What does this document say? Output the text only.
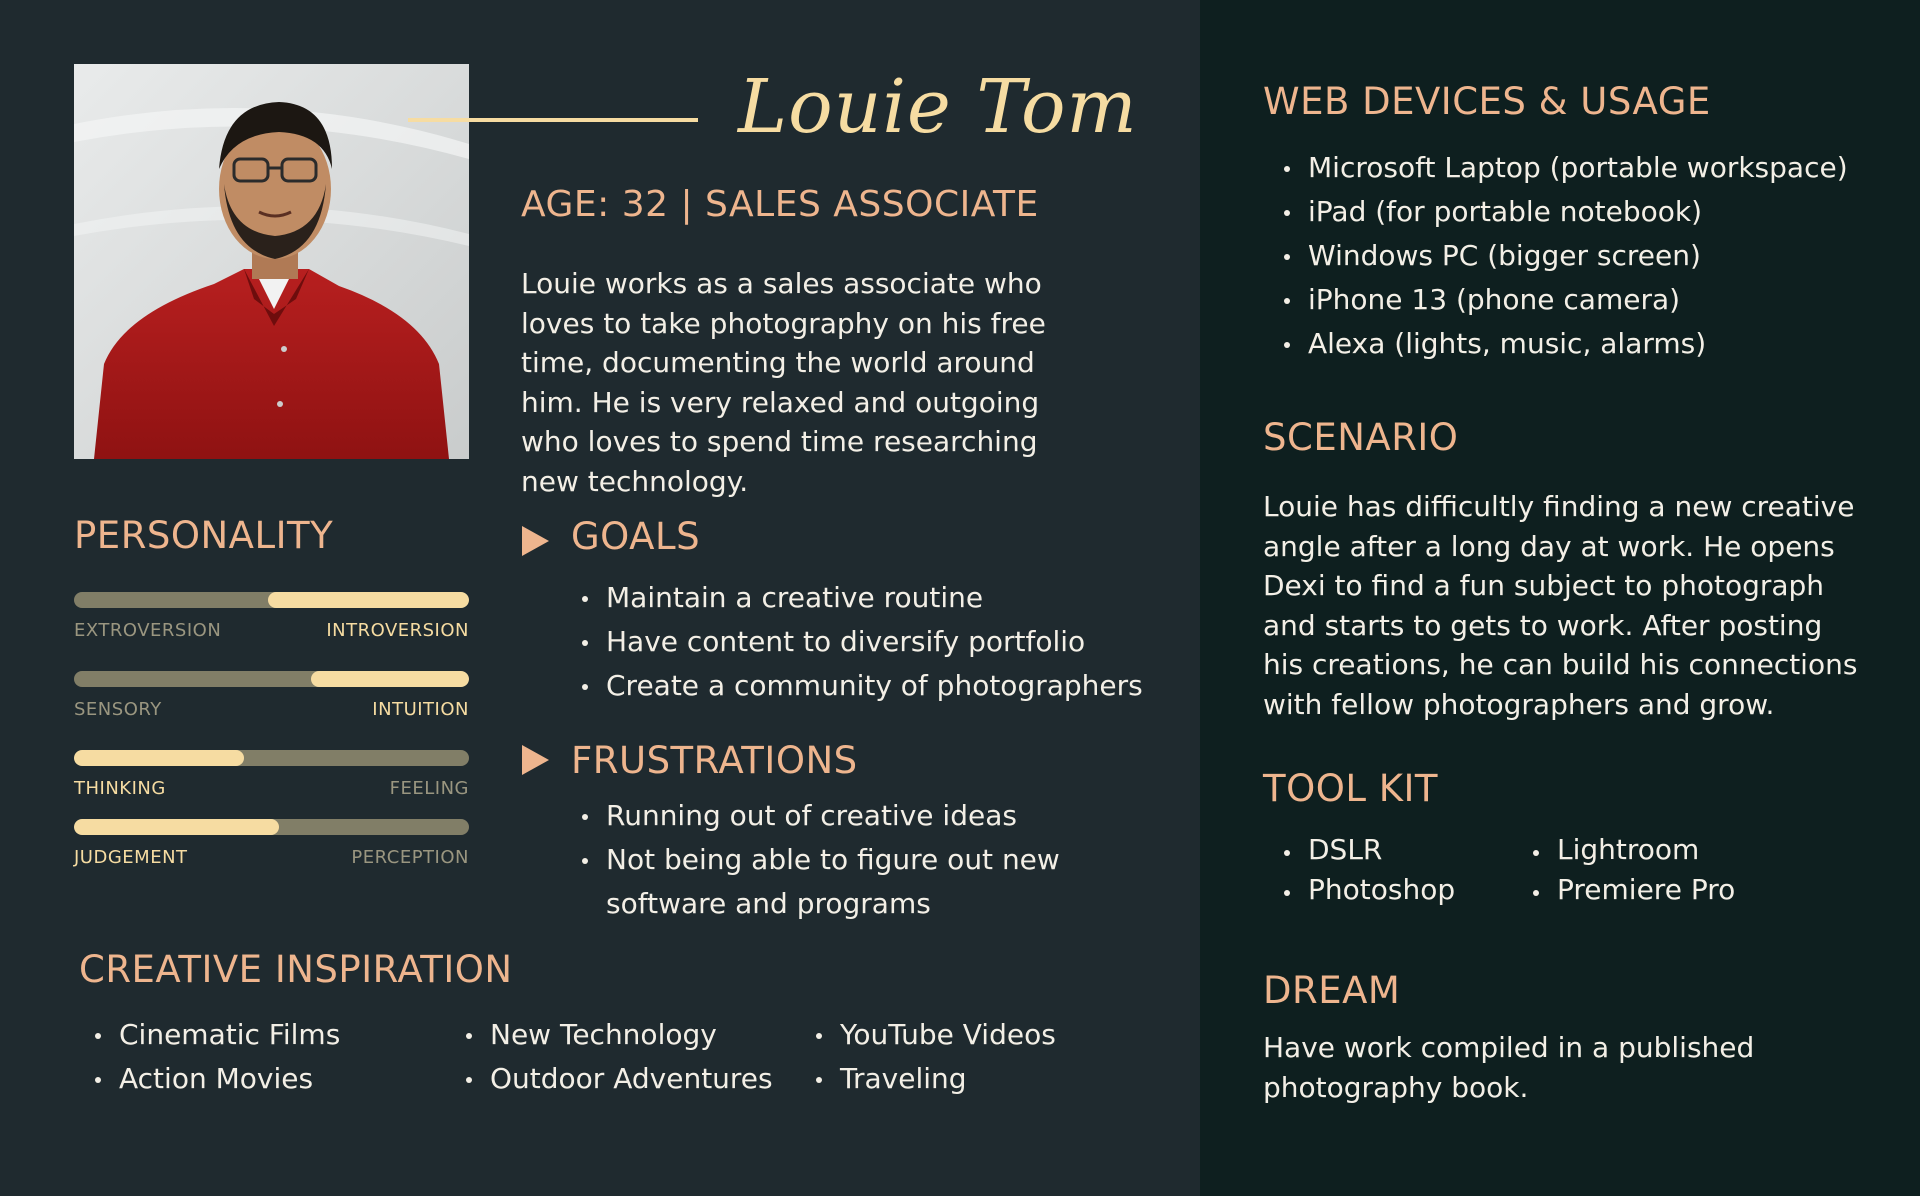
Louie Tom
AGE: 32 | SALES ASSOCIATE

Louie works as a sales associate who loves to take photography on his free time, documenting the world around him. He is very relaxed and outgoing who loves to spend time researching new technology.

PERSONALITY
EXTROVERSION	INTROVERSION
SENSORY	INTUITION
THINKING	FEELING
JUDGEMENT	PERCEPTION
GOALS
Maintain a creative routine
Have content to diversify portfolio
Create a community of photographers
FRUSTRATIONS
Running out of creative ideas
Not being able to figure out new
software and programs
CREATIVE INSPIRATION
Cinematic Films
Action Movies
New Technology
Outdoor Adventures
YouTube Videos
Traveling
WEB DEVICES & USAGE
Microsoft Laptop (portable workspace)
iPad (for portable notebook)
Windows PC (bigger screen)
iPhone 13 (phone camera)
Alexa (lights, music, alarms)
SCENARIO

Louie has difficultly finding a new creative angle after a long day at work. He opens Dexi to find a fun subject to photograph and starts to gets to work. After posting his creations, he can build his connections with fellow photographers and grow.

TOOL KIT
DSLR
Photoshop
Lightroom
Premiere Pro
DREAM

Have work compiled in a published photography book.
